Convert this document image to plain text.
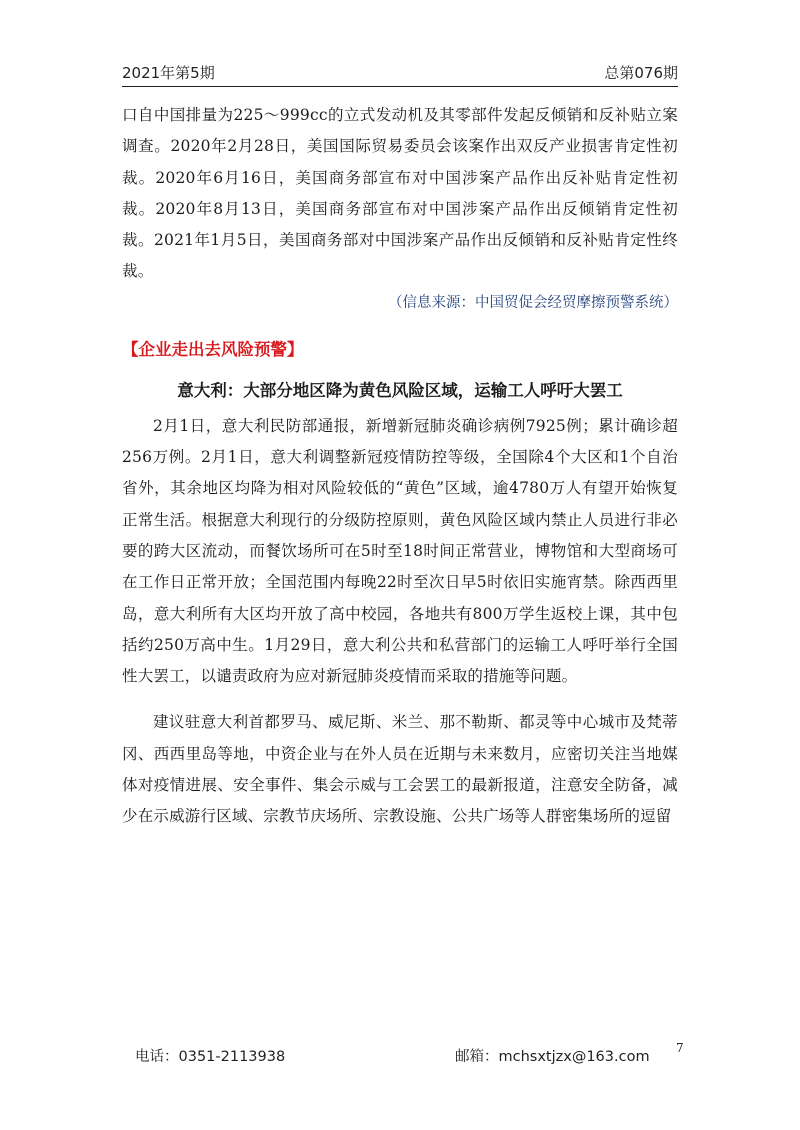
2021年第5期	总第076期

口自中国排量为225～999cc的立式发动机及其零部件发起反倾销和反补贴立案调查。2020年2月28日，美国国际贸易委员会该案作出双反产业损害肯定性初裁。2020年6月16日，美国商务部宣布对中国涉案产品作出反补贴肯定性初裁。2020年8月13日，美国商务部宣布对中国涉案产品作出反倾销肯定性初裁。2021年1月5日，美国商务部对中国涉案产品作出反倾销和反补贴肯定性终裁。

（信息来源：中国贸促会经贸摩擦预警系统）

【企业走出去风险预警】

意大利：大部分地区降为黄色风险区域，运输工人呼吁大罢工

2月1日，意大利民防部通报，新增新冠肺炎确诊病例7925例；累计确诊超256万例。2月1日，意大利调整新冠疫情防控等级，全国除4个大区和1个自治省外，其余地区均降为相对风险较低的“黄色”区域，逾4780万人有望开始恢复正常生活。根据意大利现行的分级防控原则，黄色风险区域内禁止人员进行非必要的跨大区流动，而餐饮场所可在5时至18时间正常营业，博物馆和大型商场可在工作日正常开放；全国范围内每晚22时至次日早5时依旧实施宵禁。除西西里岛，意大利所有大区均开放了高中校园，各地共有800万学生返校上课，其中包括约250万高中生。1月29日，意大利公共和私营部门的运输工人呼吁举行全国性大罢工，以谴责政府为应对新冠肺炎疫情而采取的措施等问题。

建议驻意大利首都罗马、威尼斯、米兰、那不勒斯、都灵等中心城市及梵蒂冈、西西里岛等地，中资企业与在外人员在近期与未来数月，应密切关注当地媒体对疫情进展、安全事件、集会示威与工会罢工的最新报道，注意安全防备，减少在示威游行区域、宗教节庆场所、宗教设施、公共广场等人群密集场所的逗留

电话：0351-2113938	邮箱：mchsxtjzx@163.com
7
